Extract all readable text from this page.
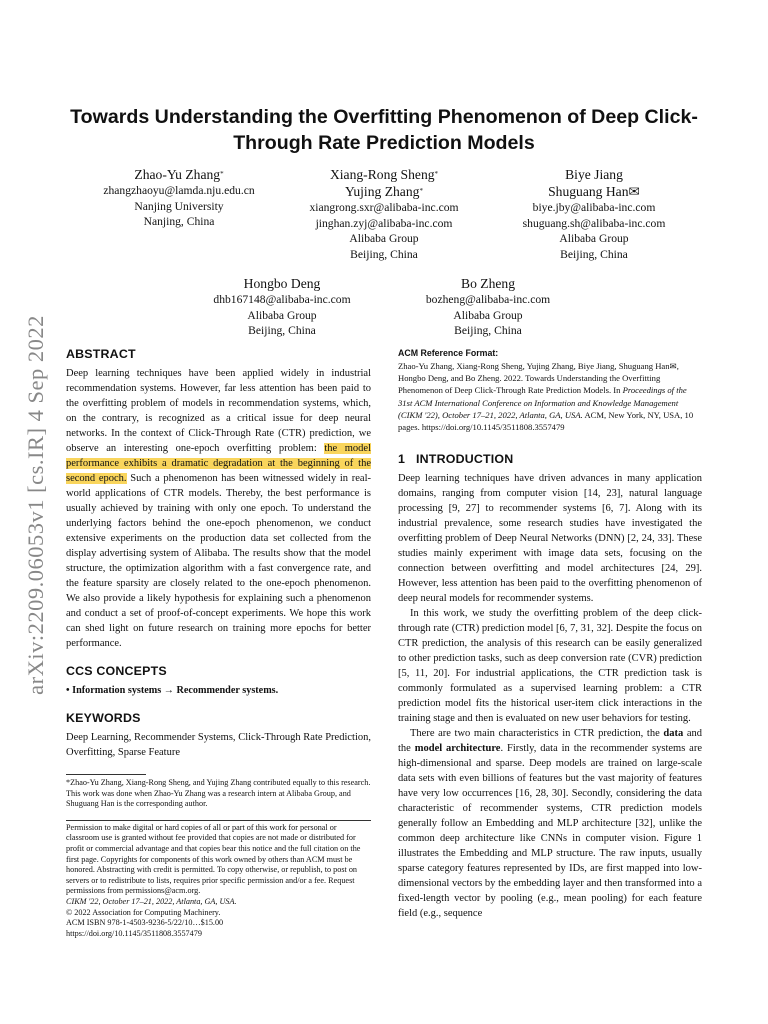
Towards Understanding the Overfitting Phenomenon of Deep Click-Through Rate Prediction Models
Zhao-Yu Zhang*
zhangzhaoyu@lamda.nju.edu.cn
Nanjing University
Nanjing, China
Xiang-Rong Sheng*
Yujing Zhang*
xiangrong.sxr@alibaba-inc.com
jinghan.zyj@alibaba-inc.com
Alibaba Group
Beijing, China
Biye Jiang
Shuguang Han✉
biye.jby@alibaba-inc.com
shuguang.sh@alibaba-inc.com
Alibaba Group
Beijing, China
Hongbo Deng
dhb167148@alibaba-inc.com
Alibaba Group
Beijing, China
Bo Zheng
bozheng@alibaba-inc.com
Alibaba Group
Beijing, China
arXiv:2209.06053v1 [cs.IR] 4 Sep 2022 ABSTRACT

Deep learning techniques have been applied widely in industrial recommendation systems. However, far less attention has been paid to the overfitting problem of models in recommendation systems, which, on the contrary, is recognized as a critical issue for deep neural networks. In the context of Click-Through Rate (CTR) prediction, we observe an interesting one-epoch overfitting problem: the model performance exhibits a dramatic degradation at the beginning of the second epoch. Such a phenomenon has been witnessed widely in real-world applications of CTR models. Thereby, the best performance is usually achieved by training with only one epoch. To understand the underlying factors behind the one-epoch phenomenon, we conduct extensive experiments on the production data set collected from the display advertising system of Alibaba. The results show that the model structure, the optimization algorithm with a fast convergence rate, and the feature sparsity are closely related to the one-epoch phenomenon. We also provide a likely hypothesis for explaining such a phenomenon and conduct a set of proof-of-concept experiments. We hope this work can shed light on future research on training more epochs for better performance.

CCS CONCEPTS

• Information systems → Recommender systems.

KEYWORDS

Deep Learning, Recommender Systems, Click-Through Rate Prediction, Overfitting, Sparse Feature

*Zhao-Yu Zhang, Xiang-Rong Sheng, and Yujing Zhang contributed equally to this research. This work was done when Zhao-Yu Zhang was a research intern at Alibaba Group, and Shuguang Han is the corresponding author.

Permission to make digital or hard copies of all or part of this work for personal or classroom use is granted without fee provided that copies are not made or distributed for profit or commercial advantage and that copies bear this notice and the full citation on the first page. Copyrights for components of this work owned by others than ACM must be honored. Abstracting with credit is permitted. To copy otherwise, or republish, to post on servers or to redistribute to lists, requires prior specific permission and/or a fee. Request permissions from permissions@acm.org.

CIKM '22, October 17–21, 2022, Atlanta, GA, USA.

© 2022 Association for Computing Machinery.

ACM ISBN 978-1-4503-9236-5/22/10…$15.00

https://doi.org/10.1145/3511808.3557479

ACM Reference Format:

Zhao-Yu Zhang, Xiang-Rong Sheng, Yujing Zhang, Biye Jiang, Shuguang Han✉, Hongbo Deng, and Bo Zheng. 2022. Towards Understanding the Overfitting Phenomenon of Deep Click-Through Rate Prediction Models. In Proceedings of the 31st ACM International Conference on Information and Knowledge Management (CIKM '22), October 17–21, 2022, Atlanta, GA, USA. ACM, New York, NY, USA, 10 pages. https://doi.org/10.1145/3511808.3557479

1   INTRODUCTION

Deep learning techniques have driven advances in many application domains, ranging from computer vision [14, 23], natural language processing [9, 27] to recommender systems [6, 7]. Along with its industrial prevalence, some research studies have investigated the overfitting problem of Deep Neural Networks (DNN) [2, 24, 33]. These studies mainly experiment with image data sets, focusing on the connection between overfitting and model architectures [24, 29]. However, less attention has been paid to the overfitting phenomenon of deep neural models for recommender systems.

In this work, we study the overfitting problem of the deep click-through rate (CTR) prediction model [6, 7, 31, 32]. Despite the focus on CTR prediction, the analysis of this research can be easily generalized to other prediction tasks, such as deep conversion rate (CVR) prediction [5, 11, 20]. For industrial applications, the CTR prediction task is commonly formulated as a supervised learning problem: a CTR prediction model fits the historical user-item click interactions in the training stage and then is evaluated on new user behaviors for testing.

There are two main characteristics in CTR prediction, the data and the model architecture. Firstly, data in the recommender systems are high-dimensional and sparse. Deep models are trained on large-scale data sets with even billions of features but the vast majority of features have very low occurrences [16, 28, 30]. Secondly, considering the data characteristic of recommender systems, CTR prediction models generally follow an Embedding and MLP architecture [32], unlike the common deep architecture like CNNs in computer vision. Figure 1 illustrates the Embedding and MLP structure. The raw inputs, usually sparse category features represented by IDs, are first mapped into low-dimensional vectors by the embedding layer and then transformed into a fixed-length vector by pooling (e.g., mean pooling) for each feature field (e.g., sequence
